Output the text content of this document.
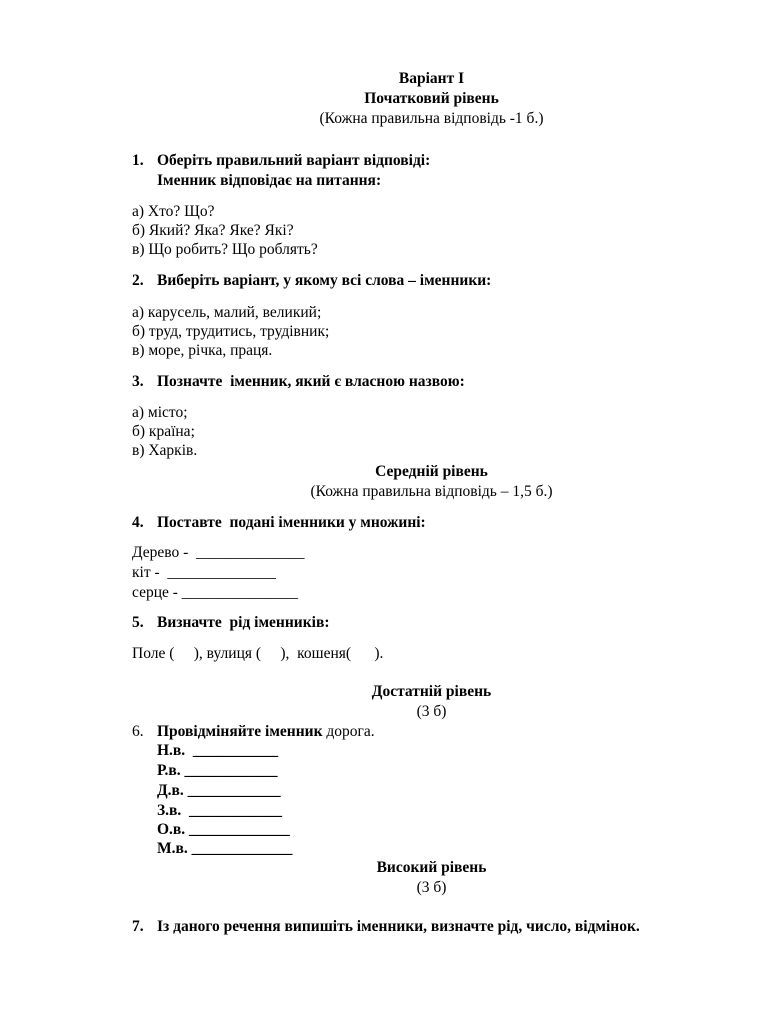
Варіант I
Початковий рівень
(Кожна правильна відповідь -1 б.)
1. Оберіть правильний варіант відповіді:
Іменник відповідає на питання:
а) Хто? Що?
б) Який? Яка? Яке? Які?
в) Що робить? Що роблять?
2. Виберіть варіант, у якому всі слова – іменники:
а) карусель, малий, великий;
б) труд, трудитись, трудівник;
в) море, річка, праця.
3. Позначте  іменник, який є власною назвою:
а) місто;
б) країна;
в) Харків.
Середній рівень
(Кожна правильна відповідь – 1,5 б.)
4. Поставте  подані іменники у множині:
Дерево -  ______________
кіт -  ______________
серце - _______________
5. Визначте  рід іменників:
Поле (     ), вулиця (     ),  кошеня(      ).
Достатній рівень
(3 б)
6. Провідміняйте іменник дорога.
Н.в.  ___________
Р.в. ____________
Д.в. ____________
З.в.  ____________
О.в. _____________
М.в. _____________
Високий рівень
(3 б)
7. Із даного речення випишіть іменники, визначте рід, число, відмінок.
